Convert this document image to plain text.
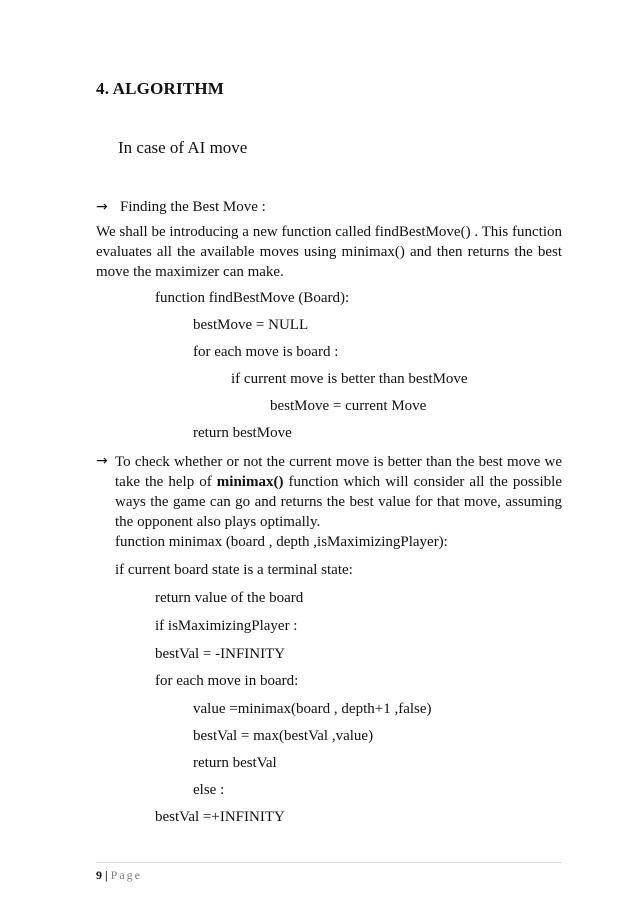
4. ALGORITHM
In case of AI move
→ Finding the Best Move :
We shall be introducing a new function called findBestMove() . This function evaluates all the available moves using minimax() and then returns the best move the maximizer can make.
function findBestMove (Board):
bestMove = NULL
for each move is board :
if current move is better than bestMove
bestMove = current Move
return bestMove
→ To check whether or not the current move is better than the best move we take the help of minimax() function which will consider all the possible ways the game can go and returns the best value for that move, assuming the opponent also plays optimally.
function minimax (board , depth ,isMaximizingPlayer):
if current board state is a terminal state:
return value of the board
if isMaximizingPlayer :
bestVal = -INFINITY
for each move in board:
value =minimax(board , depth+1 ,false)
bestVal = max(bestVal ,value)
return bestVal
else :
bestVal =+INFINITY
9 | Page
